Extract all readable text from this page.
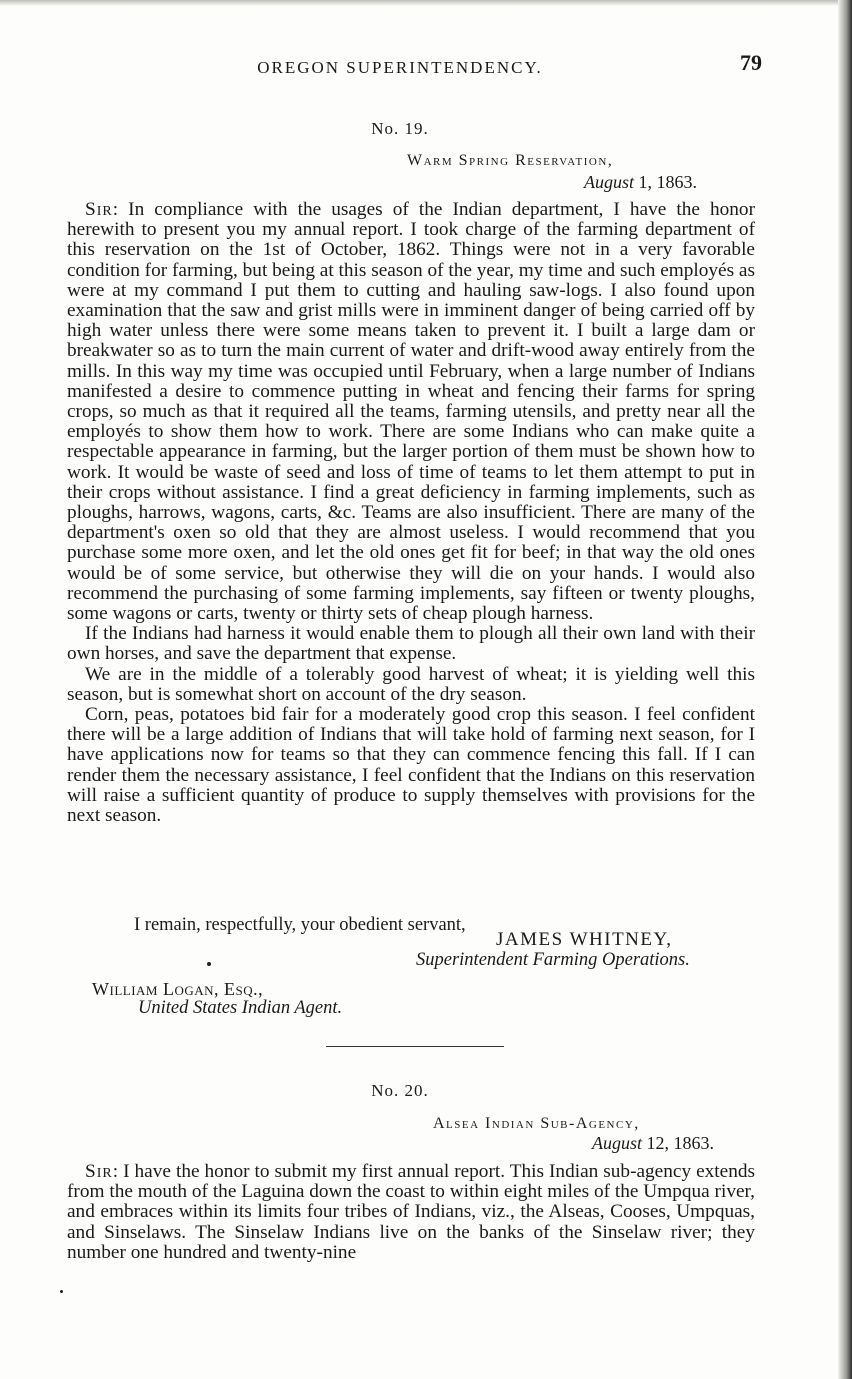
OREGON SUPERINTENDENCY.	79
No. 19.
Warm Spring Reservation,
August 1, 1863.

Sir: In compliance with the usages of the Indian department, I have the honor herewith to present you my annual report. I took charge of the farming department of this reservation on the 1st of October, 1862. Things were not in a very favorable condition for farming, but being at this season of the year, my time and such employés as were at my command I put them to cutting and hauling saw-logs. I also found upon examination that the saw and grist mills were in imminent danger of being carried off by high water unless there were some means taken to prevent it. I built a large dam or breakwater so as to turn the main current of water and drift-wood away entirely from the mills. In this way my time was occupied until February, when a large number of Indians manifested a desire to commence putting in wheat and fencing their farms for spring crops, so much as that it required all the teams, farming utensils, and pretty near all the employés to show them how to work. There are some Indians who can make quite a respectable appearance in farming, but the larger portion of them must be shown how to work. It would be waste of seed and loss of time of teams to let them attempt to put in their crops without assistance. I find a great deficiency in farming implements, such as ploughs, harrows, wagons, carts, &c. Teams are also insufficient. There are many of the department's oxen so old that they are almost useless. I would recommend that you purchase some more oxen, and let the old ones get fit for beef; in that way the old ones would be of some service, but otherwise they will die on your hands. I would also recommend the purchasing of some farming implements, say fifteen or twenty ploughs, some wagons or carts, twenty or thirty sets of cheap plough harness.

If the Indians had harness it would enable them to plough all their own land with their own horses, and save the department that expense.

We are in the middle of a tolerably good harvest of wheat; it is yielding well this season, but is somewhat short on account of the dry season.

Corn, peas, potatoes bid fair for a moderately good crop this season. I feel confident there will be a large addition of Indians that will take hold of farming next season, for I have applications now for teams so that they can commence fencing this fall. If I can render them the necessary assistance, I feel confident that the Indians on this reservation will raise a sufficient quantity of produce to supply themselves with provisions for the next season.

I remain, respectfully, your obedient servant,
JAMES WHITNEY,
Superintendent Farming Operations.
William Logan, Esq.,
United States Indian Agent.
No. 20.
Alsea Indian Sub-Agency,
August 12, 1863.

Sir: I have the honor to submit my first annual report. This Indian sub-agency extends from the mouth of the Laguina down the coast to within eight miles of the Umpqua river, and embraces within its limits four tribes of Indians, viz., the Alseas, Cooses, Umpquas, and Sinselaws. The Sinselaw Indians live on the banks of the Sinselaw river; they number one hundred and twenty-nine
